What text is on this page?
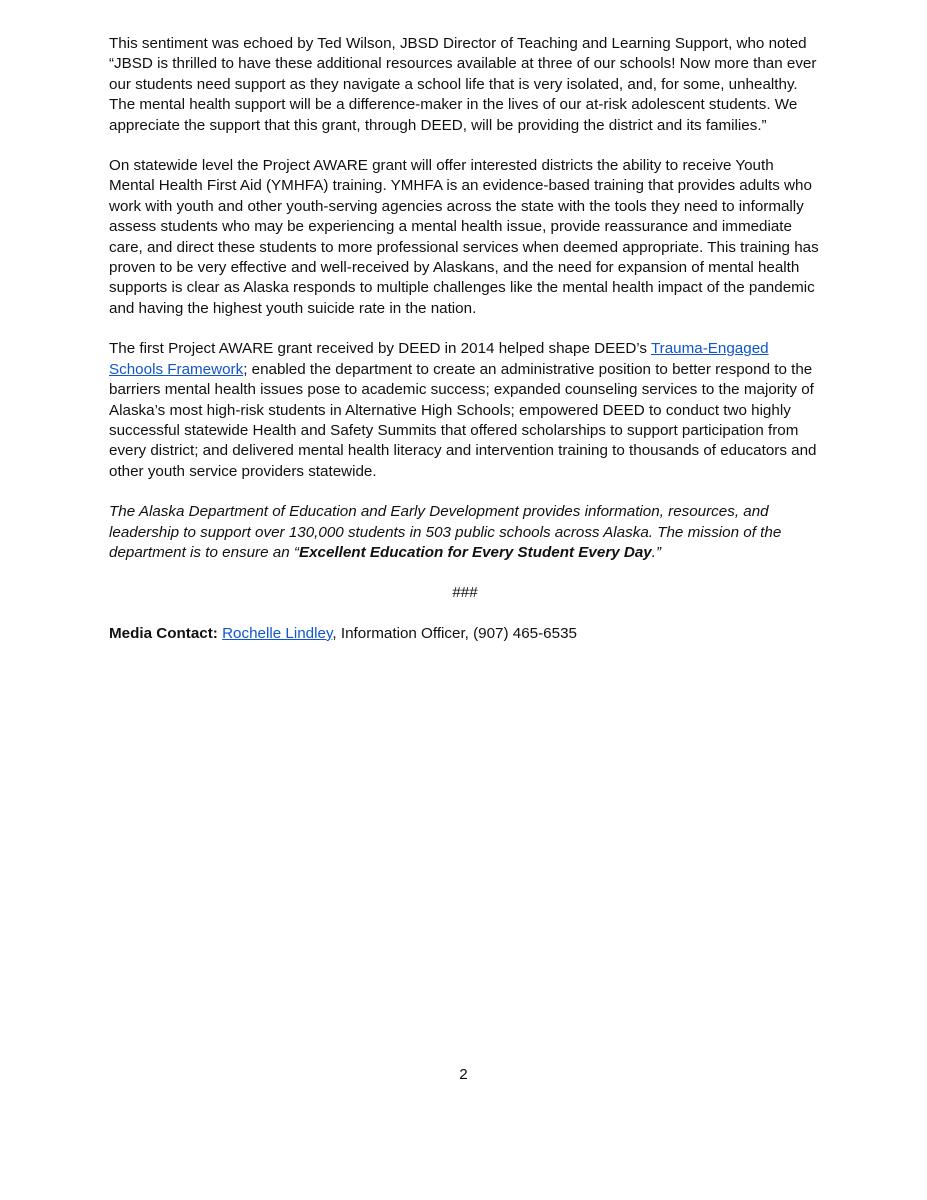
This sentiment was echoed by Ted Wilson, JBSD Director of Teaching and Learning Support, who noted “JBSD is thrilled to have these additional resources available at three of our schools! Now more than ever our students need support as they navigate a school life that is very isolated, and, for some, unhealthy. The mental health support will be a difference-maker in the lives of our at-risk adolescent students. We appreciate the support that this grant, through DEED, will be providing the district and its families.”

On statewide level the Project AWARE grant will offer interested districts the ability to receive Youth Mental Health First Aid (YMHFA) training. YMHFA is an evidence-based training that provides adults who work with youth and other youth-serving agencies across the state with the tools they need to informally assess students who may be experiencing a mental health issue, provide reassurance and immediate care, and direct these students to more professional services when deemed appropriate. This training has proven to be very effective and well-received by Alaskans, and the need for expansion of mental health supports is clear as Alaska responds to multiple challenges like the mental health impact of the pandemic and having the highest youth suicide rate in the nation.

The first Project AWARE grant received by DEED in 2014 helped shape DEED’s Trauma-Engaged Schools Framework; enabled the department to create an administrative position to better respond to the barriers mental health issues pose to academic success; expanded counseling services to the majority of Alaska’s most high-risk students in Alternative High Schools; empowered DEED to conduct two highly successful statewide Health and Safety Summits that offered scholarships to support participation from every district; and delivered mental health literacy and intervention training to thousands of educators and other youth service providers statewide.

The Alaska Department of Education and Early Development provides information, resources, and leadership to support over 130,000 students in 503 public schools across Alaska. The mission of the department is to ensure an “Excellent Education for Every Student Every Day.”

###

Media Contact: Rochelle Lindley, Information Officer, (907) 465-6535

2
